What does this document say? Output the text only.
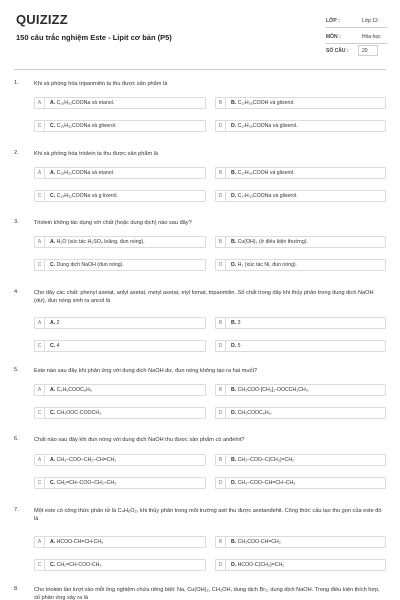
QUIZIZZ
150 câu trắc nghiệm Este - Lipit cơ bản (P5)
LỚP :	Lớp 12
MÔN :	Hóa học
SỐ CÂU :	20
1.	Khi xà phòng hóa tripanmitin ta thu được sản phẩm là
A	A. C₁₅H₃₁COONa và etanol.	B	B. C₁₇H₃₅COOH và glixerol.
C	C. C₁₅H₃₁COONa và glixerol.	D	D. C₁₇H₃₅COONa và glixerol.
2.	Khi xà phòng hóa triolein ta thu được sản phẩm là
A	A. C₁₅H₃₁COONa và etanol.	B	B. C₁₇H₃₅COOH và glixerol.
C	C. C₁₅H₃₁COONa và g lixerol.	D	D. C₁₇H₃₃COONa và glixerol.
3.	Triolein không tác dụng với chất (hoặc dung dịch) nào sau đây?
A	A. H₂O (xúc tác H₂SO₄ loãng, đun nóng).	B	B. Cu(OH)₂ (ở điều kiện thường).
C	C. Dung dịch NaOH (đun nóng).	D	D. H₂ (xúc tác Ni, đun nóng).
4.	Cho dãy các chất: phenyl axetat, anlyl axetat, metyl axetat, etyl fomat, tripanmitin. Số chất trong dãy khi thủy phân trong dung dịch NaOH (dư), đun nóng sinh ra ancol là
A	A. 2	B	B. 3
C	C. 4	D	D. 5
5.	Este nào sau đây khi phản ứng với dung dịch NaOH dư, đun nóng không tạo ra hai muối?
A	A. C₆H₅COOC₆H₅	B	B. CH₃COO-[CH₂]₂-OOCCH₂CH₃.
C	C. CH₃OOC-COOCH₃	D	D. CH₃COOC₆H₅.
6.	Chất nào sau đây khi đun nóng với dung dịch NaOH thu được sản phẩm có anđehit?
A	A. CH₃–COO–CH₂–CH=CH₂	B	B. CH₃–COO–C(CH₃)=CH₂
C	C. CH₂=CH–COO–CH₂–CH₃	D	D. CH₃–COO–CH=CH–CH₃
7.	Một este có công thức phân tử là C₄H₆O₂, khi thủy phân trong môi trường axit thu được axetanđehit. Công thức cấu tạo thu gọn của este đó là
A	A. HCOO-CH=CH-CH₃	B	B. CH₃COO-CH=CH₂
C	C. CH₂=CH-COO-CH₃	D	D. HCOO-C(CH₃)=CH₂
8.	Cho triolein lần lượt vào mỗi ống nghiệm chứa riêng biệt: Na, Cu(OH)₂, CH₃OH, dung dịch Br₂, dung dịch NaOH. Trong điều kiện thích hợp, số phản ứng xảy ra là
